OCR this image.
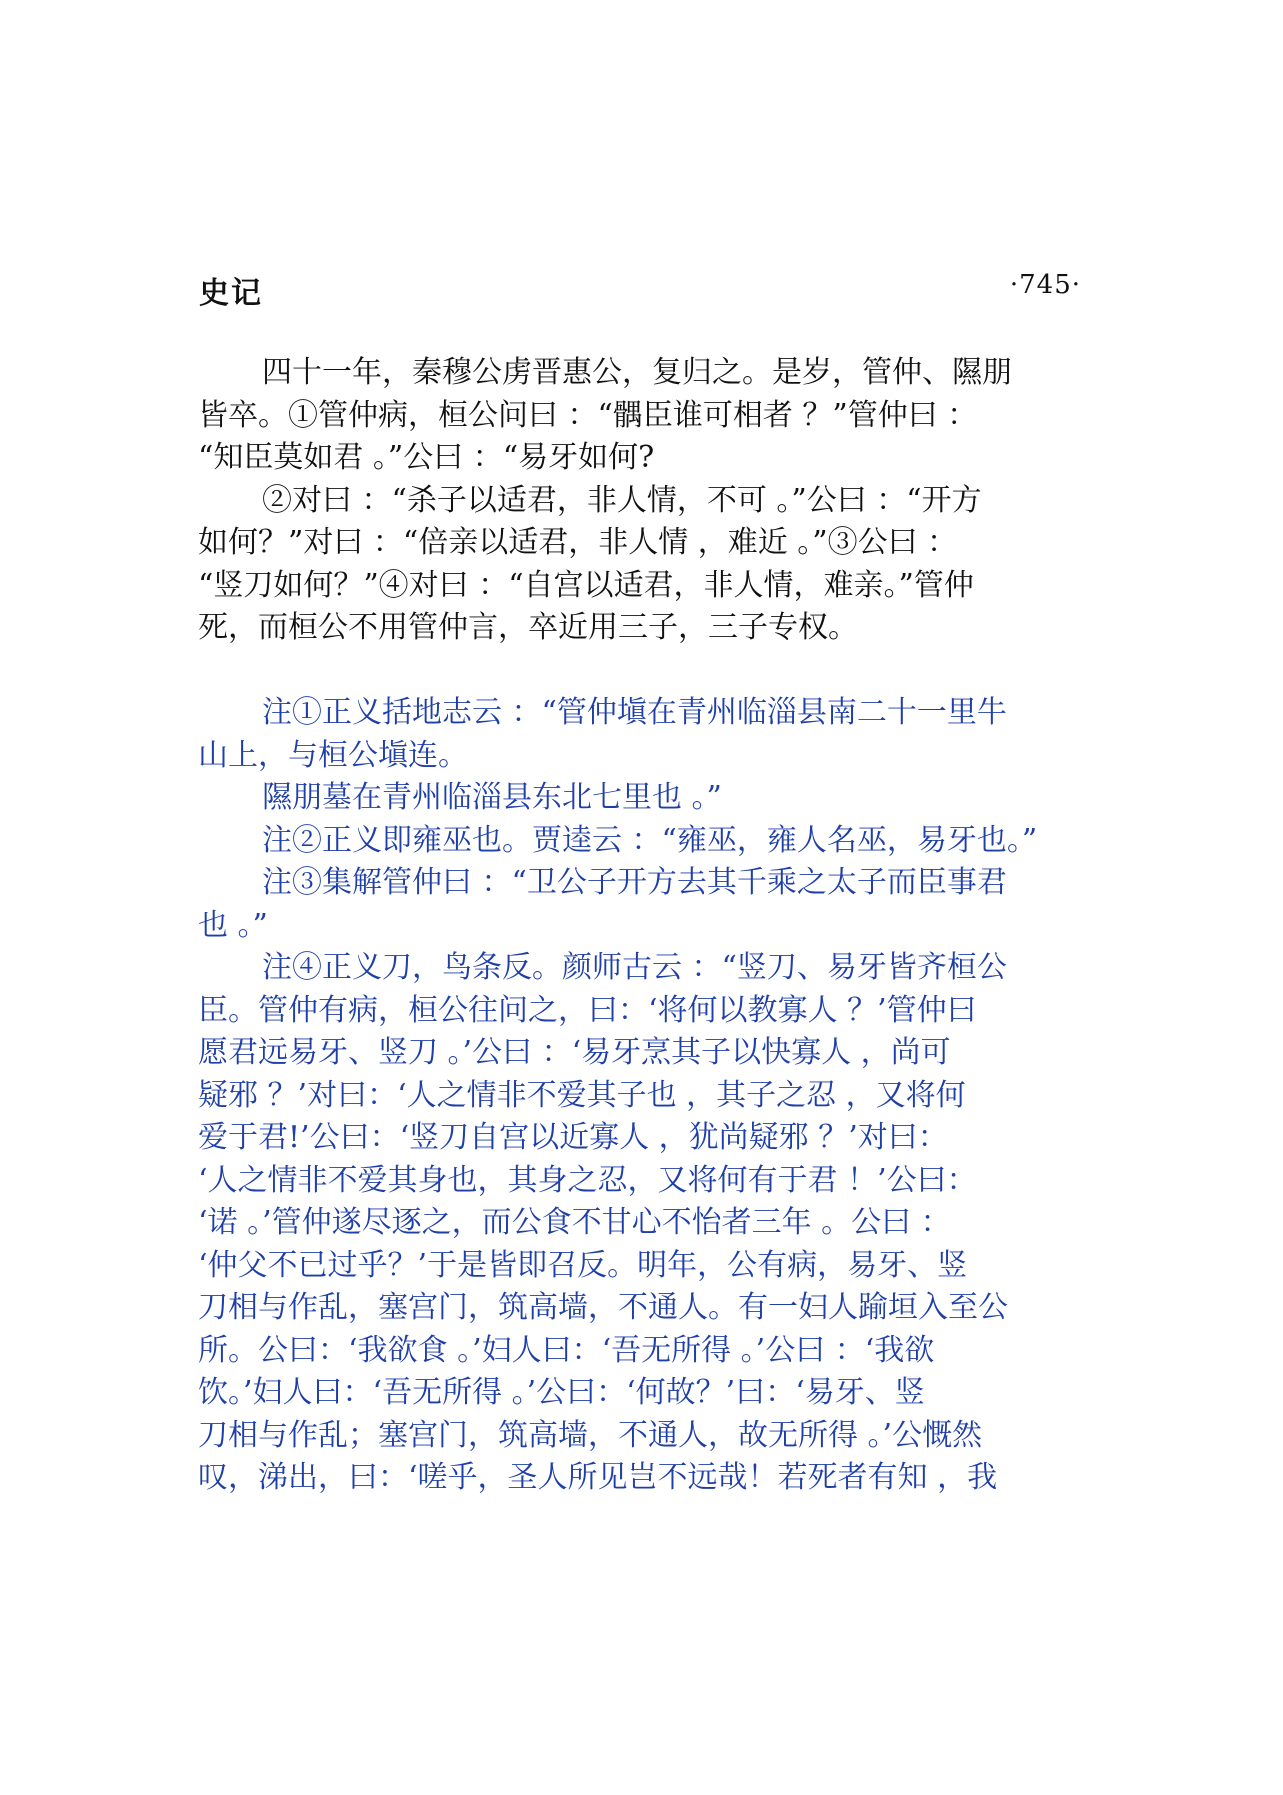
史记	·745·
四十一年，秦穆公虏晋惠公，复归之。是岁，管仲、隰朋
皆卒。①管仲病，桓公问曰 ：“髃臣谁可相者 ？”管仲曰 ：
“知臣莫如君 。”公曰 ：“易牙如何?
②对曰 ：“杀子以适君，非人情，不可 。”公曰 ：“开方
如何？”对曰 ：“倍亲以适君，非人情 ，难近 。”③公曰 ：
“竖刀如何？”④对曰 ：“自宫以适君，非人情，难亲。”管仲
死，而桓公不用管仲言，卒近用三子，三子专权。
注①正义括地志云 ：“管仲塡在青州临淄县南二十一里牛
山上，与桓公塡连。
隰朋墓在青州临淄县东北七里也 。”
注②正义即雍巫也。贾逵云 ：“雍巫，雍人名巫，易牙也。”
注③集解管仲曰 ：“卫公子开方去其千乘之太子而臣事君
也 。”
注④正义刀，鸟条反。颜师古云 ：“竖刀、易牙皆齐桓公
臣。管仲有病，桓公往问之，曰：‘将何以教寡人 ？’管仲曰
愿君远易牙、竖刀 。’公曰 ：‘易牙烹其子以快寡人 ，尚可
疑邪 ？’对曰：‘人之情非不爱其子也 ，其子之忍 ，又将何
爱于君!’公曰：‘竖刀自宫以近寡人 ，犹尚疑邪 ？’对曰：
‘人之情非不爱其身也，其身之忍，又将何有于君 ！’公曰：
‘诺 。’管仲遂尽逐之，而公食不甘心不怡者三年 。公曰 ：
‘仲父不已过乎？’于是皆即召反。明年，公有病，易牙、竖
刀相与作乱，塞宫门，筑高墙，不通人。有一妇人踰垣入至公
所。公曰：‘我欲食 。’妇人曰：‘吾无所得 。’公曰 ：‘我欲
饮。’妇人曰：‘吾无所得 。’公曰：‘何故？’曰：‘易牙、竖
刀相与作乱；塞宫门，筑高墙，不通人，故无所得 。’公慨然
叹，涕出，曰：‘嗟乎，圣人所见岂不远哉！若死者有知 ，我
